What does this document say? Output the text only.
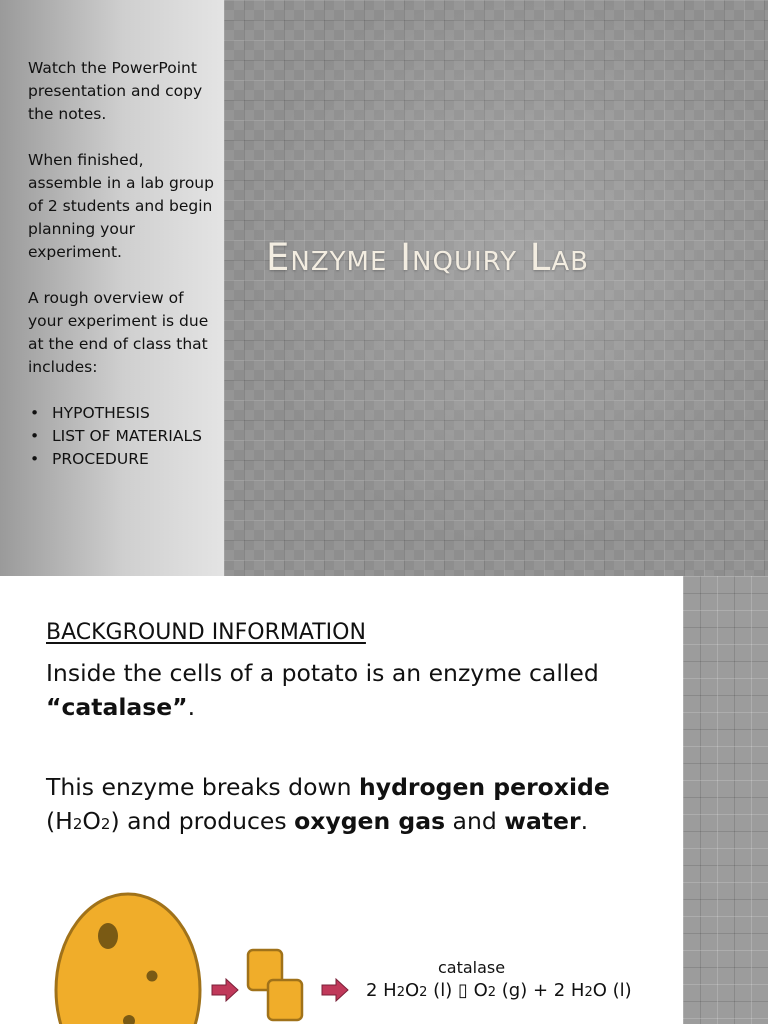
Watch the PowerPoint presentation and copy the notes.

When finished, assemble in a lab group of 2 students and begin planning your experiment.

A rough overview of your experiment is due at the end of class that includes:

• HYPOTHESIS
• LIST OF MATERIALS
• PROCEDURE
Enzyme Inquiry Lab
BACKGROUND INFORMATION
Inside the cells of a potato is an enzyme called “catalase”.
This enzyme breaks down hydrogen peroxide (H2O2) and produces oxygen gas and water.
catalase
2 H2O2 (l) ▯ O2 (g) + 2 H2O (l)
